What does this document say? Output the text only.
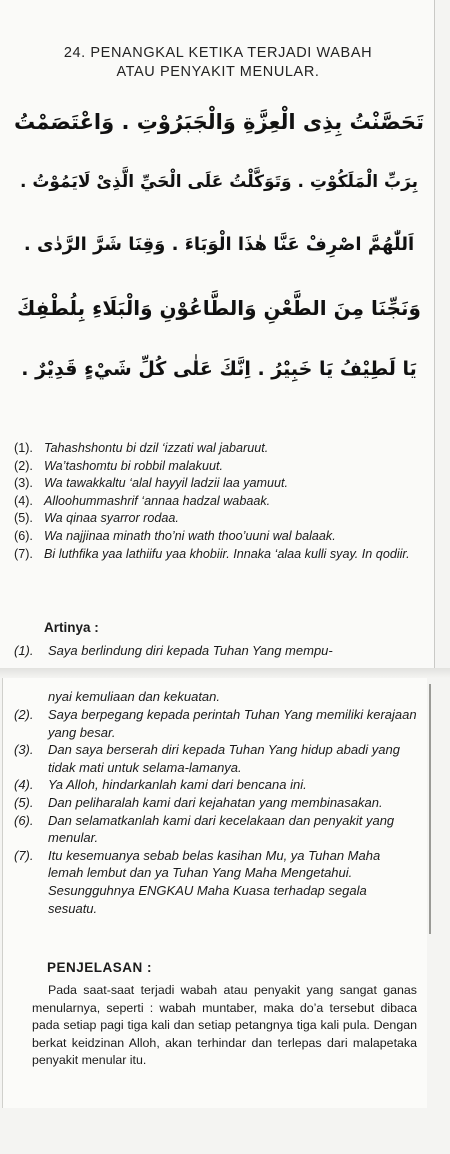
24. PENANGKAL KETIKA TERJADI WABAH
ATAU PENYAKIT MENULAR.
تَحَصَّنْتُ بِذِى الْعِزَّةِ وَالْجَبَرُوْتِ . وَاعْتَصَمْتُ
بِرَبِّ الْمَلَكُوْتِ . وَتَوَكَّلْتُ عَلَى الْحَيِّ الَّذِىْ لَايَمُوْتُ .
اَللّٰهُمَّ اصْرِفْ عَنَّا هٰذَا الْوَبَاءَ . وَقِنَا شَرَّ الرَّدٰى .
وَنَجِّنَا مِنَ الطَّعْنِ وَالطَّاعُوْنِ وَالْبَلَاءِ بِلُطْفِكَ
يَا لَطِيْفُ يَا خَبِيْرُ . اِنَّكَ عَلٰى كُلِّ شَيْءٍ قَدِيْرٌ .
(1). Tahashshontu bi dzil ‘izzati wal jabaruut.
(2). Wa’tashomtu bi robbil malakuut.
(3). Wa tawakkaltu ‘alal hayyil ladzii laa yamuut.
(4). Alloohummashrif ‘annaa hadzal wabaak.
(5). Wa qinaa syarror rodaa.
(6). Wa najjinaa minath tho’ni wath thoo’uuni wal balaak.
(7). Bi luthfika yaa lathiifu yaa khobiir. Innaka ‘alaa kulli syay. In qodiir.
Artinya :
(1). Saya berlindung diri kepada Tuhan Yang mempu-
nyai kemuliaan dan kekuatan.
(2). Saya berpegang kepada perintah Tuhan Yang memiliki kerajaan yang besar.
(3). Dan saya berserah diri kepada Tuhan Yang hidup abadi yang tidak mati untuk selama-lamanya.
(4). Ya Alloh, hindarkanlah kami dari bencana ini.
(5). Dan peliharalah kami dari kejahatan yang membinasakan.
(6). Dan selamatkanlah kami dari kecelakaan dan penyakit yang menular.
(7). Itu kesemuanya sebab belas kasihan Mu, ya Tuhan Maha lemah lembut dan ya Tuhan Yang Maha Mengetahui. Sesungguhnya ENGKAU Maha Kuasa terhadap segala sesuatu.
PENJELASAN :
Pada saat-saat terjadi wabah atau penyakit yang sangat ganas menularnya, seperti : wabah muntaber, maka do’a tersebut dibaca pada setiap pagi tiga kali dan setiap petangnya tiga kali pula. Dengan berkat keidzinan Alloh, akan terhindar dan terlepas dari malapetaka penyakit menular itu.
